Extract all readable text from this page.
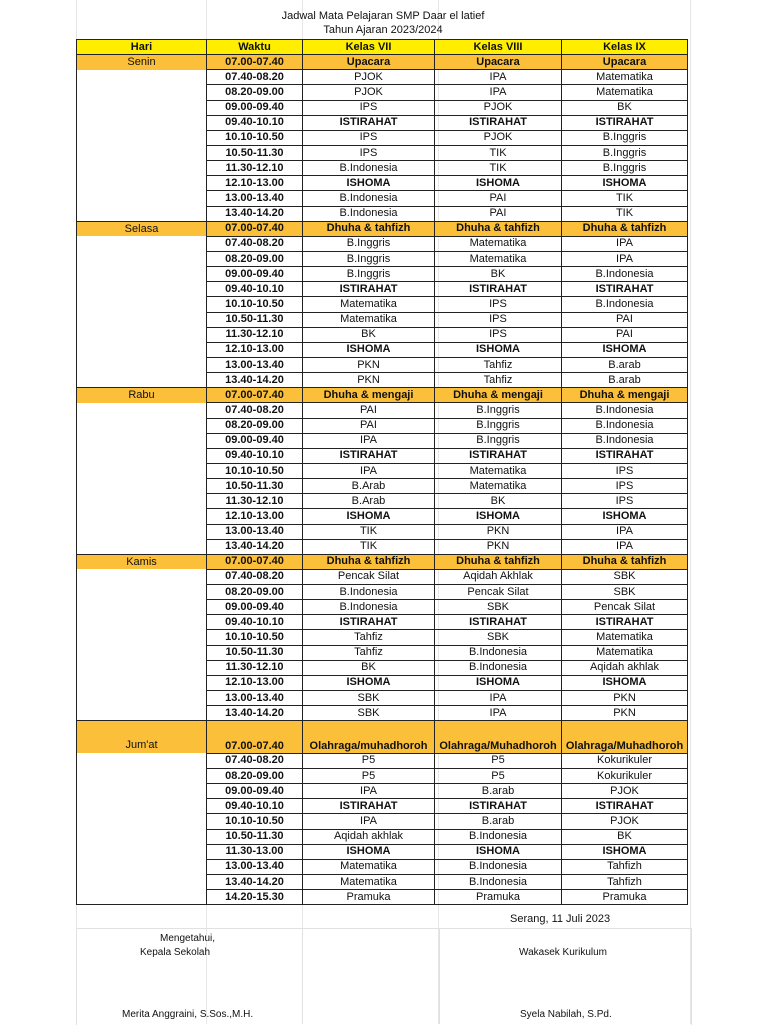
Jadwal Mata Pelajaran SMP Daar el latief
Tahun Ajaran 2023/2024
Hari	Waktu	Kelas VII	Kelas VIII	Kelas IX
Senin	07.00-07.40	Upacara	Upacara	Upacara
	07.40-08.20	PJOK	IPA	Matematika
	08.20-09.00	PJOK	IPA	Matematika
	09.00-09.40	IPS	PJOK	BK
	09.40-10.10	ISTIRAHAT	ISTIRAHAT	ISTIRAHAT
	10.10-10.50	IPS	PJOK	B.Inggris
	10.50-11.30	IPS	TIK	B.Inggris
	11.30-12.10	B.Indonesia	TIK	B.Inggris
	12.10-13.00	ISHOMA	ISHOMA	ISHOMA
	13.00-13.40	B.Indonesia	PAI	TIK
	13.40-14.20	B.Indonesia	PAI	TIK
Selasa	07.00-07.40	Dhuha & tahfizh	Dhuha & tahfizh	Dhuha & tahfizh
	07.40-08.20	B.Inggris	Matematika	IPA
	08.20-09.00	B.Inggris	Matematika	IPA
	09.00-09.40	B.Inggris	BK	B.Indonesia
	09.40-10.10	ISTIRAHAT	ISTIRAHAT	ISTIRAHAT
	10.10-10.50	Matematika	IPS	B.Indonesia
	10.50-11.30	Matematika	IPS	PAI
	11.30-12.10	BK	IPS	PAI
	12.10-13.00	ISHOMA	ISHOMA	ISHOMA
	13.00-13.40	PKN	Tahfiz	B.arab
	13.40-14.20	PKN	Tahfiz	B.arab
Rabu	07.00-07.40	Dhuha & mengaji	Dhuha & mengaji	Dhuha & mengaji
	07.40-08.20	PAI	B.Inggris	B.Indonesia
	08.20-09.00	PAI	B.Inggris	B.Indonesia
	09.00-09.40	IPA	B.Inggris	B.Indonesia
	09.40-10.10	ISTIRAHAT	ISTIRAHAT	ISTIRAHAT
	10.10-10.50	IPA	Matematika	IPS
	10.50-11.30	B.Arab	Matematika	IPS
	11.30-12.10	B.Arab	BK	IPS
	12.10-13.00	ISHOMA	ISHOMA	ISHOMA
	13.00-13.40	TIK	PKN	IPA
	13.40-14.20	TIK	PKN	IPA
Kamis	07.00-07.40	Dhuha & tahfizh	Dhuha & tahfizh	Dhuha & tahfizh
	07.40-08.20	Pencak Silat	Aqidah Akhlak	SBK
	08.20-09.00	B.Indonesia	Pencak Silat	SBK
	09.00-09.40	B.Indonesia	SBK	Pencak Silat
	09.40-10.10	ISTIRAHAT	ISTIRAHAT	ISTIRAHAT
	10.10-10.50	Tahfiz	SBK	Matematika
	10.50-11.30	Tahfiz	B.Indonesia	Matematika
	11.30-12.10	BK	B.Indonesia	Aqidah akhlak
	12.10-13.00	ISHOMA	ISHOMA	ISHOMA
	13.00-13.40	SBK	IPA	PKN
	13.40-14.20	SBK	IPA	PKN
Jum'at	07.00-07.40	Olahraga/muhadhoroh	Olahraga/Muhadhoroh	Olahraga/Muhadhoroh
	07.40-08.20	P5	P5	Kokurikuler
	08.20-09.00	P5	P5	Kokurikuler
	09.00-09.40	IPA	B.arab	PJOK
	09.40-10.10	ISTIRAHAT	ISTIRAHAT	ISTIRAHAT
	10.10-10.50	IPA	B.arab	PJOK
	10.50-11.30	Aqidah akhlak	B.Indonesia	BK
	11.30-13.00	ISHOMA	ISHOMA	ISHOMA
	13.00-13.40	Matematika	B.Indonesia	Tahfizh
	13.40-14.20	Matematika	B.Indonesia	Tahfizh
	14.20-15.30	Pramuka	Pramuka	Pramuka
Serang, 11 Juli 2023
Mengetahui,
Kepala Sekolah	Wakasek Kurikulum
Merita Anggraini, S.Sos.,M.H.	Syela Nabilah, S.Pd.
